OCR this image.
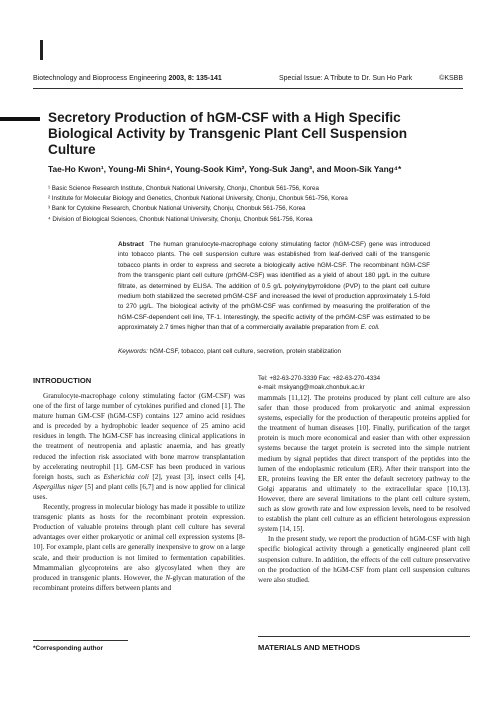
Biotechnology and Bioprocess Engineering 2003, 8: 135-141	Special Issue: A Tribute to Dr. Sun Ho Park	©KSBB
Secretory Production of hGM-CSF with a High Specific Biological Activity by Transgenic Plant Cell Suspension Culture
Tae-Ho Kwon¹, Young-Mi Shin⁴, Young-Sook Kim², Yong-Suk Jang³, and Moon-Sik Yang⁴*
¹ Basic Science Research Institute, Chonbuk National University, Chonju, Chonbuk 561-756, Korea
² Institute for Molecular Biology and Genetics, Chonbuk National University, Chonju, Chonbuk 561-756, Korea
³ Bank for Cytokine Research, Chonbuk National University, Chonju, Chonbuk 561-756, Korea
⁴ Division of Biological Sciences, Chonbuk National University, Chonju, Chonbuk 561-756, Korea
Abstract The human granulocyte-macrophage colony stimulating factor (hGM-CSF) gene was introduced into tobacco plants. The cell suspension culture was established from leaf-derived calli of the transgenic tobacco plants in order to express and secrete a biologically active hGM-CSF. The recombinant hGM-CSF from the transgenic plant cell culture (prhGM-CSF) was identified as a yield of about 180 μg/L in the culture filtrate, as determined by ELISA. The addition of 0.5 g/L polyvinylpyrrolidone (PVP) to the plant cell culture medium both stabilized the secreted prhGM-CSF and increased the level of production approximately 1.5-fold to 270 μg/L. The biological activity of the prhGM-CSF was confirmed by measuring the proliferation of the hGM-CSF-dependent cell line, TF-1. Interestingly, the specific activity of the prhGM-CSF was estimated to be approximately 2.7 times higher than that of a commercially available preparation from E. coli.
Keywords: hGM-CSF, tobacco, plant cell culture, secretion, protein stabilization
INTRODUCTION

Granulocyte-macrophage colony stimulating factor (GM-CSF) was one of the first of large number of cytokines purified and cloned [1]. The mature human GM-CSF (hGM-CSF) contains 127 amino acid residues and is preceded by a hydrophobic leader sequence of 25 amino acid residues in length. The hGM-CSF has increasing clinical applications in the treatment of neutropenia and aplastic anaemia, and has greatly reduced the infection risk associated with bone marrow transplantation by accelerating neutrophil [1]. GM-CSF has been produced in various foreign hosts, such as Esherichia coli [2], yeast [3], insect cells [4], Aspergillus niger [5] and plant cells [6,7] and is now applied for clinical uses.

Recently, progress in molecular biology has made it possible to utilize transgenic plants as hosts for the recombinant protein expression. Production of valuable proteins through plant cell culture has several advantages over either prokaryotic or animal cell expression systems [8-10]. For example, plant cells are generally inexpensive to grow on a large scale, and their production is not limited to fermentation capabilities. Mmammalian glycoproteins are also glycosylated when they are produced in transgenic plants. However, the N-glycan maturation of the recombinant proteins differs between plants and

*Corresponding author
Tel: +82-63-270-3339 Fax: +82-63-270-4334
e-mail: mskyang@moak.chonbuk.ac.kr

mammals [11,12]. The proteins produced by plant cell culture are also safer than those produced from prokaryotic and animal expression systems, especially for the production of therapeutic proteins applied for the treatment of human diseases [10]. Finally, purification of the target protein is much more economical and easier than with other expression systems because the target protein is secreted into the simple nutrient medium by signal peptides that direct transport of the peptides into the lumen of the endoplasmic reticulum (ER). After their transport into the ER, proteins leaving the ER enter the default secretory pathway to the Golgi apparatus and ultimately to the extracellular space [10,13]. However, there are several limitations to the plant cell culture system, such as slow growth rate and low expression levels, need to be resolved to establish the plant cell culture as an efficient heterologous expression system [14, 15].

In the present study, we report the production of hGM-CSF with high specific biological activity through a genetically engineered plant cell suspension culture. In addition, the effects of the cell culture preservative on the production of the hGM-CSF from plant cell suspension cultures were also studied.

MATERIALS AND METHODS
